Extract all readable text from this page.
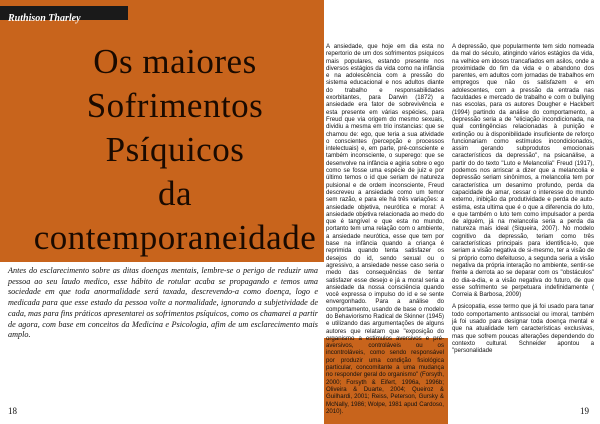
Ruthison Tharley
Os maiores
Sofrimentos
Psíquicos
da
contemporaneidade
Antes do esclarecimento sobre as ditas doenças mentais, lembre-se o perigo de reduzir uma pessoa ao seu laudo medico, esse hábito de rotular acaba se propagando e temos uma sociedade em que toda anormalidade será taxada, descrevendo-a como doença, logo e medicada para que esse estado da pessoa volte a normalidade, ignorando a subjetividade de cada, mas para fins práticos apresentarei os sofrimentos psíquicos, como os chamarei a partir de agora, com base em conceitos da Medicina e Psicologia, afim de um esclarecimento mais amplo.
A ansiedade, que hoje em dia esta no repertorio de um dos sofrimentos psíquicos mais populares, estando presente nos diversos estágios da vida como na infância e na adolescência com a pressão do sistema educacional e nos adultos diante do trabalho e responsabilidades exorbitantes, para Darwin (1872) a ansiedade era fator de sobrevivência e esta presente em várias espécies, para Freud que via origem do mesmo sexuais, dividiu a mesma em trio instancias: que se chamou de: ego, que teria a sua atividade o conscientes (percepção e processos intelectuais) e, em parte, pré-consciente e também inconsciente, o superego: que se desenvolve na infância e agiria sobre o ego como se fosse uma espécie de juiz e por último temos o id que seriam de natureza pulsional e de ordem inconsciente, Freud descreveu a ansiedade como um temor sem razão, e para ele há três variações: a ansiedade objetiva, neurótica e moral: A ansiedade objetiva relacionada ao medo do que é tangível e que esta no mundo, portanto tem uma relação com o ambiente, a ansiedade neurótica, esse que tem por base na infância quando a criança é reprimida quando tenta satisfazer os desejos do id, sendo sexual ou o agressivo, a ansiedade nesse caso seria o medo das consequências de tentar satisfazer esse desejo e já a moral seria a ansiedade da nossa consciência quando você expressa o impulso do id e se sente envergonhado. Para a análise do comportamento, usando de base o modelo do Behaviorismo Radical de Skinner (1945) e utilizando das argumentações de alguns autores que relatam que "exposição do organismo a estímulos aversivos e pré-aversivos, controláveis ou os incontroláveis, como sendo responsável por produzir uma condição fisiológica particular, concomitante a uma mudança no responder geral do organismo" (Forsyth, 2000; Forsyth & Eifert, 1996a, 1996b; Oliveira & Duarte, 2004; Queiroz & Guilhardi, 2001; Reiss, Peterson, Gursky & McNally, 1986; Wolpe, 1981 apud Cardoso, 2010).

A depressão, que popularmente tem sido nomeada da mal do século, atingindo vários estágios da vida, na velhice em idosos trancafiados em asilos, onde a proximidade do fim da vida e o abandono dos parentes, em adultos com jornadas de trabalhos em empregos que não os satisfazem e em adolescentes, com a pressão da entrada nas faculdades e mercado de trabalho e com o bullying nas escolas, para os autores Dougher e Hackbert (1994) partindo da análise do comportamento, a depressão seria a de "eliciação incondicionada, na qual contingências relacionadas à punição e extinção ou à disponibilidade insuficiente de reforço funcionariam como estímulos incondicionados, assim gerando subprodutos emocionais característicos da depressão", na psicanálise, a partir do do texto "Luto e Melancolia" Freud (1917), podemos nos arriscar a dizer que a melancolia e depressão seriam sinônimos, a melancolia tem por característica um desanimo profundo, perda da capacidade de amar, cessar o interesse do mundo externo, inibição da produtividade e perda de auto-estima, esta ultima que é o que a diferencia do luto, e que também o luto tem como impulsador a perda de alguém, já na melancolia seria a perda da natureza mais ideal (Siqueira, 2007). No modelo cognitivo da depressão, teriam como três características principais para identifica-lo, que seriam a visão negativa de si-mesmo, ter a visão de si próprio como defeituoso, a segunda seria a visão negativa da própria interação no ambiente, sentir-se frente a derrota ao se deparar com os "obstáculos" do dia-a-dia, e a visão negativa do futuro, de que esse sofrimento se perpetuara indefinidamente ( Correia & Barbosa, 2009)

A psicopatia, esse termo que já foi usado para tanar todo comportamento antissocial ou imoral, também já foi usado para designar toda doença mental e que na atualidade tem características exclusivas, mas que sofrem poucas alterações dependendo do contexto cultural. Schneider apontou a "personalidade

18	19
